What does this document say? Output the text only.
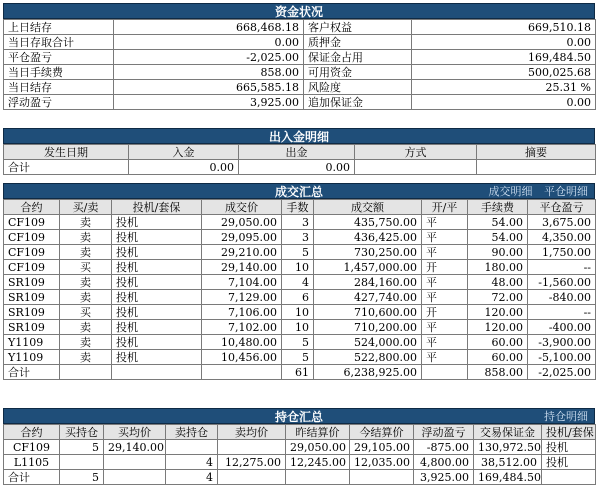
资金状况
上日结存	668,468.18	客户权益	669,510.18
当日存取合计	0.00	质押金	0.00
平仓盈亏	-2,025.00	保证金占用	169,484.50
当日手续费	858.00	可用资金	500,025.68
当日结存	665,585.18	风险度	25.31 %
浮动盈亏	3,925.00	追加保证金	0.00
出入金明细
发生日期	入金	出金	方式	摘要
合计	0.00	0.00		
成交汇总	成交明细 平仓明细
合约	买/卖	投机/套保	成交价	手数	成交额	开/平	手续费	平仓盈亏
CF109	卖	投机	29,050.00	3	435,750.00	平	54.00	3,675.00
CF109	卖	投机	29,095.00	3	436,425.00	平	54.00	4,350.00
CF109	卖	投机	29,210.00	5	730,250.00	平	90.00	1,750.00
CF109	买	投机	29,140.00	10	1,457,000.00	开	180.00	--
SR109	卖	投机	7,104.00	4	284,160.00	平	48.00	-1,560.00
SR109	卖	投机	7,129.00	6	427,740.00	平	72.00	-840.00
SR109	买	投机	7,106.00	10	710,600.00	开	120.00	--
SR109	卖	投机	7,102.00	10	710,200.00	平	120.00	-400.00
Y1109	卖	投机	10,480.00	5	524,000.00	平	60.00	-3,900.00
Y1109	卖	投机	10,456.00	5	522,800.00	平	60.00	-5,100.00
合计				61	6,238,925.00		858.00	-2,025.00
持仓汇总	持仓明细
合约	买持仓	买均价	卖持仓	卖均价	昨结算价	今结算价	浮动盈亏	交易保证金	投机/套保
CF109	5	29,140.00			29,050.00	29,105.00	-875.00	130,972.50	投机
L1105			4	12,275.00	12,245.00	12,035.00	4,800.00	38,512.00	投机
合计	5		4				3,925.00	169,484.50	
